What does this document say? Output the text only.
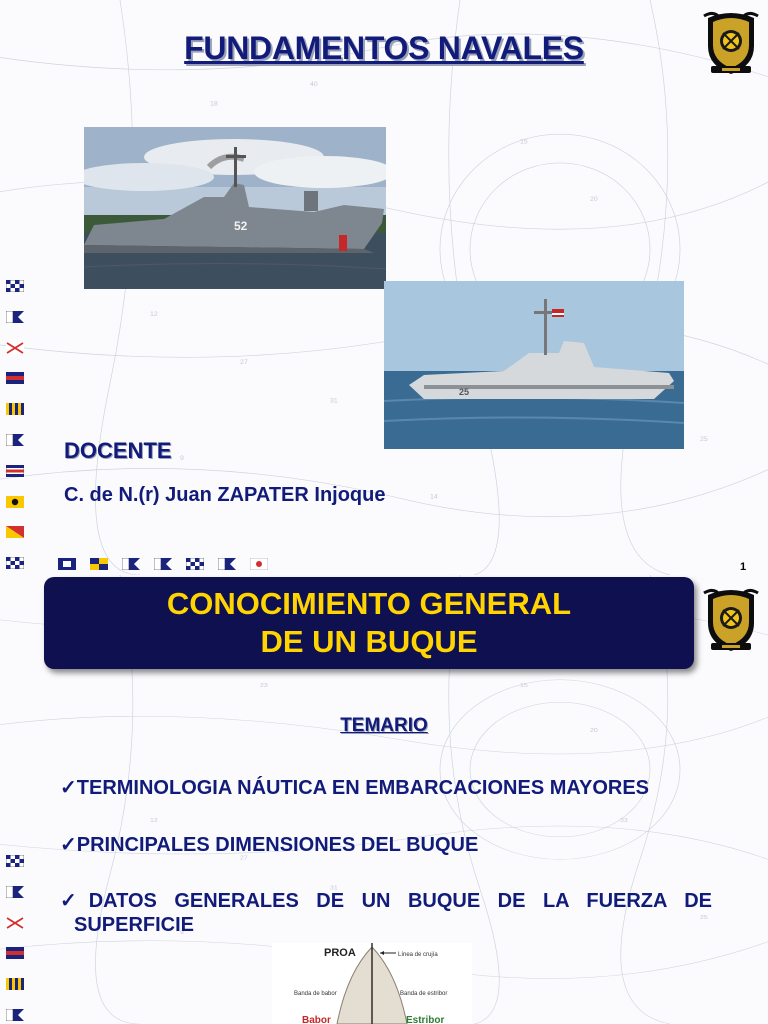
FUNDAMENTOS NAVALES
52
25
DOCENTE
C. de N.(r) Juan ZAPATER Injoque
1
CONOCIMIENTO GENERAL
DE UN BUQUE
TEMARIO
✓TERMINOLOGIA NÁUTICA EN EMBARCACIONES MAYORES
✓PRINCIPALES DIMENSIONES DEL BUQUE
✓DATOS GENERALES DE UN BUQUE DE LA FUERZA DE
SUPERFICIE
PROA	Línea de crujía
Banda de babor	Banda de estribor
Babor	Estribor
